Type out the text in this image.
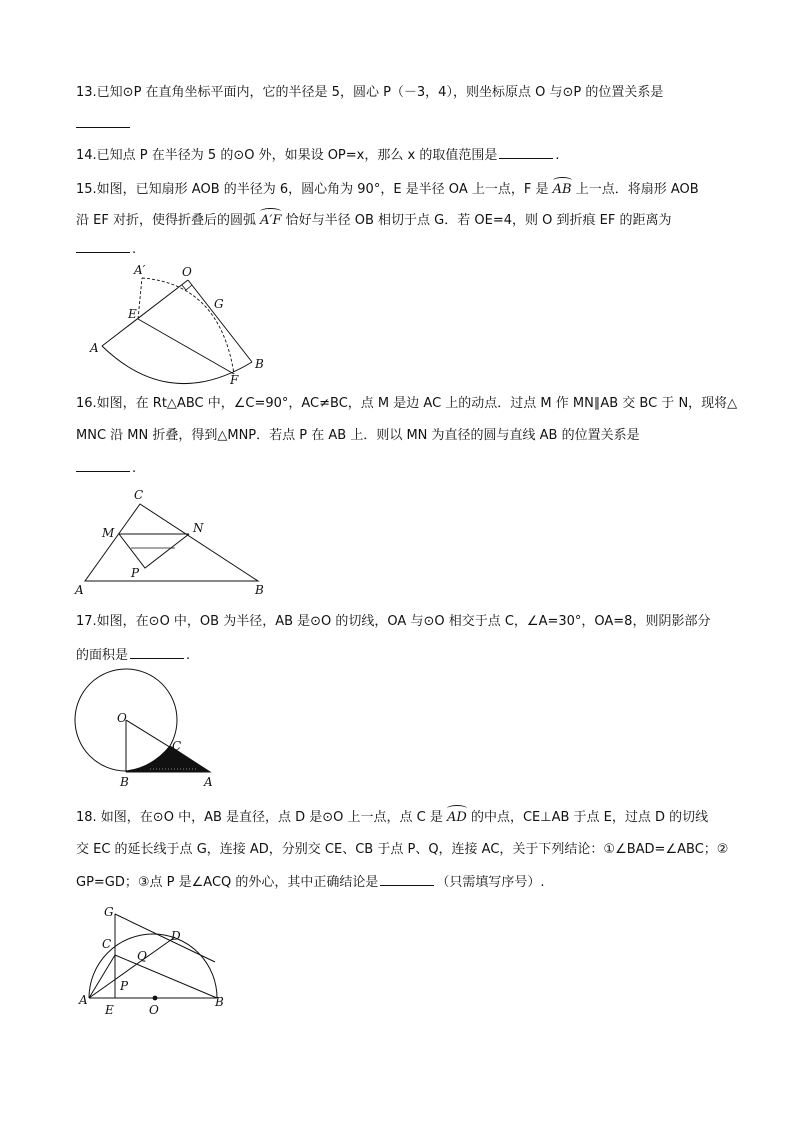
13.已知⊙P 在直角坐标平面内，它的半径是 5，圆心 P（－3，4），则坐标原点 O 与⊙P 的位置关系是
14.已知点 P 在半径为 5 的⊙O 外，如果设 OP=x，那么 x 的取值范围是	.
15.如图，已知扇形 AOB 的半径为 6，圆心角为 90°，E 是半径 OA 上一点，F 是 AB 上一点．将扇形 AOB
沿 EF 对折，使得折叠后的圆弧 A′F 恰好与半径 OB 相切于点 G．若 OE=4，则 O 到折痕 EF 的距离为
.
A′	O
G
E
A
B
F
16.如图，在 Rt△ABC 中，∠C=90°，AC≠BC，点 M 是边 AC 上的动点．过点 M 作 MN∥AB 交 BC 于 N，现将△
MNC 沿 MN 折叠，得到△MNP．若点 P 在 AB 上．则以 MN 为直径的圆与直线 AB 的位置关系是
.
C
M	N
P
A	B
17.如图，在⊙O 中，OB 为半径，AB 是⊙O 的切线，OA 与⊙O 相交于点 C，∠A=30°，OA=8，则阴影部分
的面积是	.
O
C
B	A
18. 如图，在⊙O 中，AB 是直径，点 D 是⊙O 上一点，点 C 是 AD 的中点，CE⊥AB 于点 E，过点 D 的切线
交 EC 的延长线于点 G，连接 AD，分别交 CE、CB 于点 P、Q，连接 AC，关于下列结论：①∠BAD=∠ABC；②
GP=GD；③点 P 是∠ACQ 的外心，其中正确结论是	（只需填写序号）.
G
C
D
Q
P
A
E	O
B
